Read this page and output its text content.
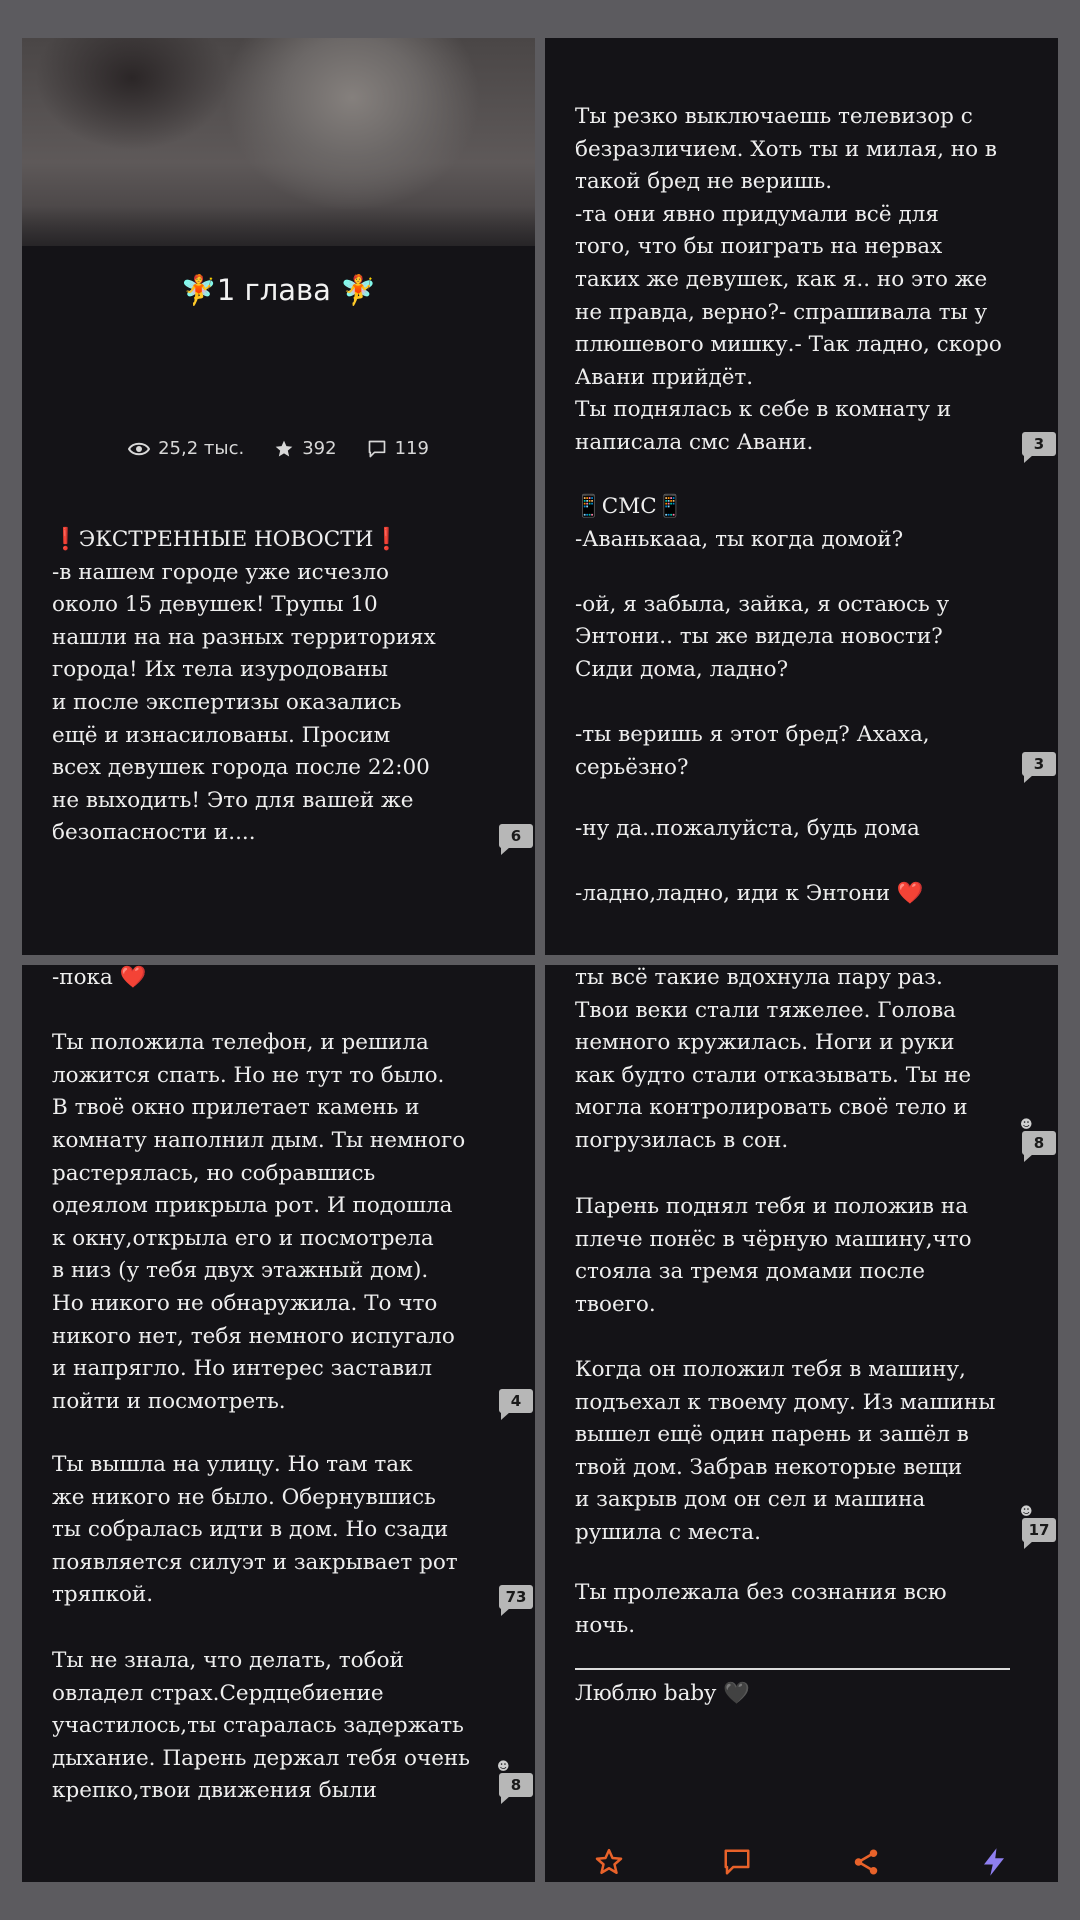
🧚1 глава 🧚
25,2 тыс.	392	119
❗ЭКСТРЕННЫЕ НОВОСТИ❗
-в нашем городе уже исчезло
около 15 девушек! Трупы 10
нашли на на разных территориях
города! Их тела изуродованы
и после экспертизы оказались
ещё и изнасилованы. Просим
всех девушек города после 22:00
не выходить! Это для вашей же
безопасности и....	6
Ты резко выключаешь телевизор с
безразличием. Хоть ты и милая, но в
такой бред не веришь.
-та они явно придумали всё для
того, что бы поиграть на нервах
таких же девушек, как я.. но это же
не правда, верно?- спрашивала ты у
плюшевого мишку.- Так ладно, скоро
Авани прийдёт.
Ты поднялась к себе в комнату и
написала смс Авани.	3
📱СМС📱
-Аванькааа, ты когда домой?

-ой, я забыла, зайка, я остаюсь у
Энтони.. ты же видела новости?
Сиди дома, ладно?

-ты веришь я этот бред? Ахаха,
серьёзно?	3
-ну да..пожалуйста, будь дома

-ладно,ладно, иди к Энтони ❤️
-пока ❤️

Ты положила телефон, и решила
ложится спать. Но не тут то было.
В твоё окно прилетает камень и
комнату наполнил дым. Ты немного
растерялась, но собравшись
одеялом прикрыла рот. И подошла
к окну,открыла его и посмотрела
в низ (у тебя двух этажный дом).
Но никого не обнаружила. То что
никого нет, тебя немного испугало
и напрягло. Но интерес заставил
пойти и посмотреть.	4
Ты вышла на улицу. Но там так
же никого не было. Обернувшись
ты собралась идти в дом. Но сзади
появляется силуэт и закрывает рот
тряпкой.	73
Ты не знала, что делать, тобой
овладел страх.Сердцебиение
участилось,ты старалась задержать
дыхание. Парень держал тебя очень
крепко,твои движения были
☻
8
ты всё такие вдохнула пару раз.
Твои веки стали тяжелее. Голова
немного кружилась. Ноги и руки
как будто стали отказывать. Ты не
могла контролировать своё тело и
погрузилась в сон.
☻
8
Парень поднял тебя и положив на
плече понёс в чёрную машину,что
стояла за тремя домами после
твоего.

Когда он положил тебя в машину,
подъехал к твоему дому. Из машины
вышел ещё один парень и зашёл в
твой дом. Забрав некоторые вещи
и закрыв дом он сел и машина
рушила с места.
☻
17
Ты пролежала без сознания всю
ночь.
Люблю baby 🖤
